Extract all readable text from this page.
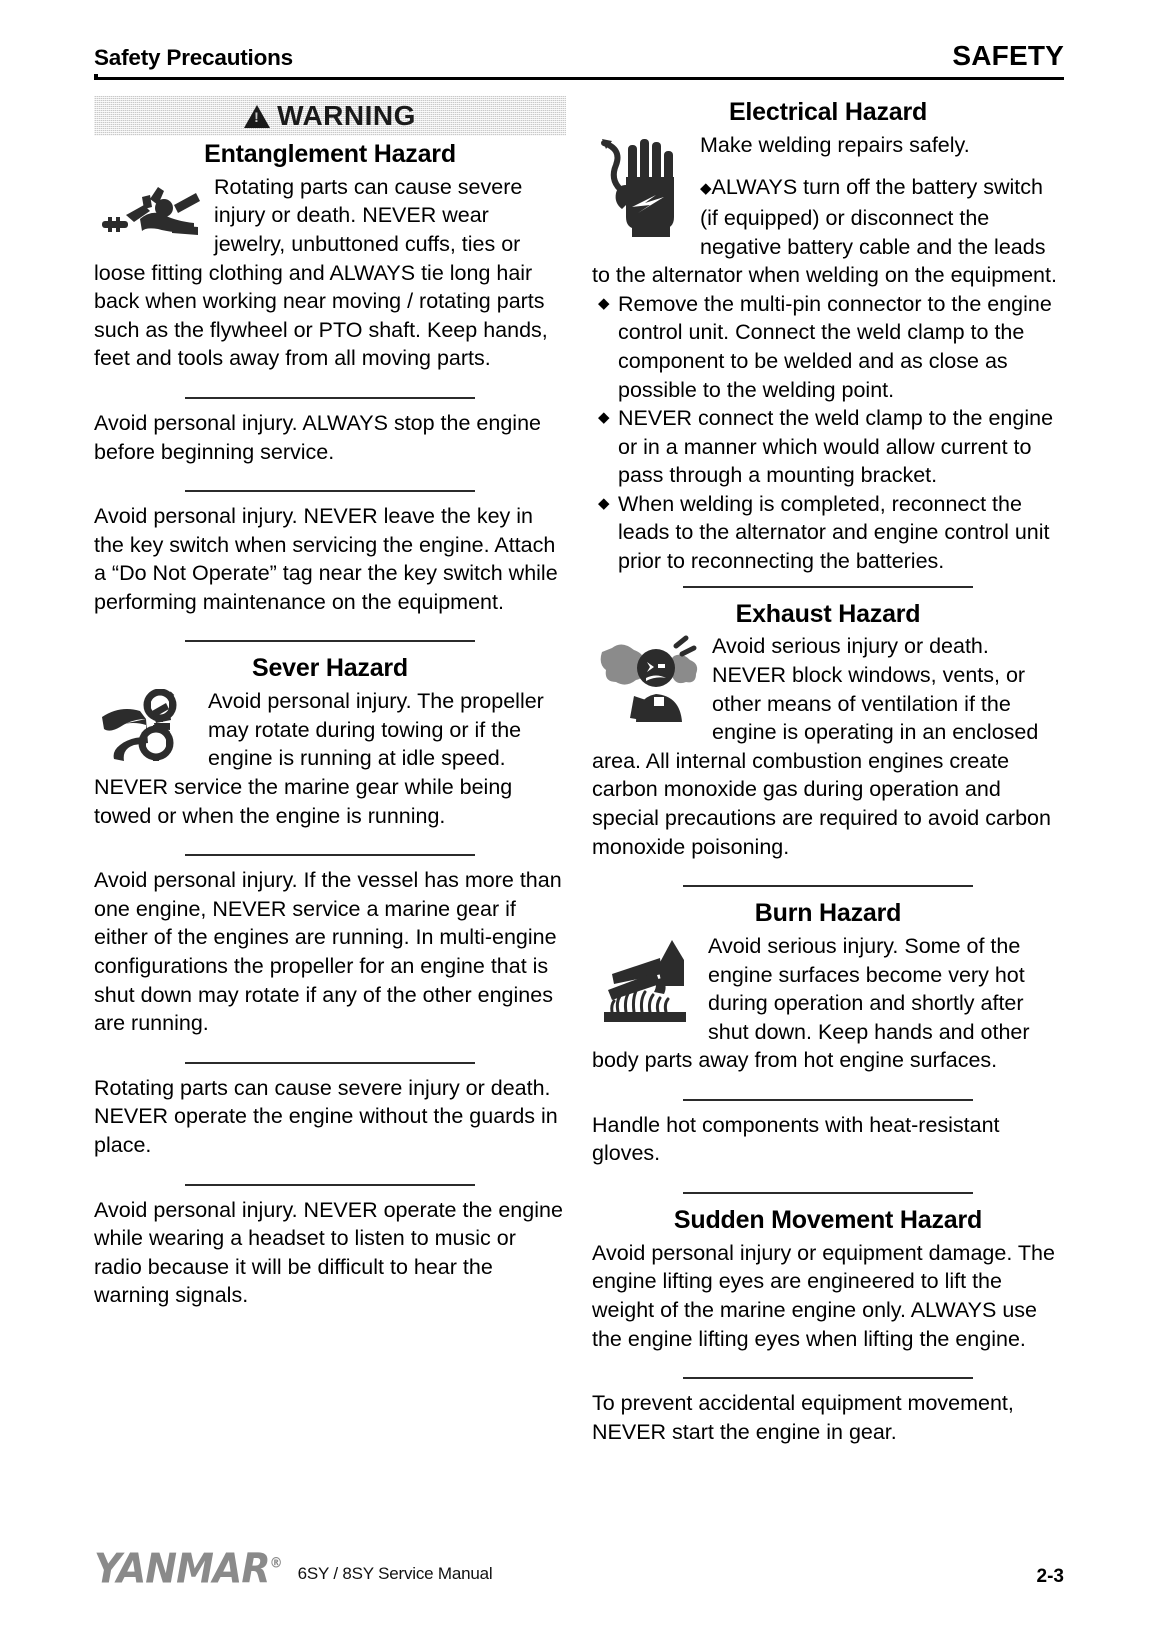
Safety Precautions	SAFETY
!
WARNING
Entanglement Hazard

Rotating parts can cause severe injury or death. NEVER wear jewelry, unbuttoned cuffs, ties or loose fitting clothing and ALWAYS tie long hair back when working near moving / rotating parts such as the flywheel or PTO shaft. Keep hands, feet and tools away from all moving parts.

Avoid personal injury. ALWAYS stop the engine before beginning service.

Avoid personal injury. NEVER leave the key in the key switch when servicing the engine. Attach a “Do Not Operate” tag near the key switch while performing maintenance on the equipment.

Sever Hazard

Avoid personal injury. The propeller may rotate during towing or if the engine is running at idle speed. NEVER service the marine gear while being towed or when the engine is running.

Avoid personal injury. If the vessel has more than one engine, NEVER service a marine gear if either of the engines are running. In multi-engine configurations the propeller for an engine that is shut down may rotate if any of the other engines are running.

Rotating parts can cause severe injury or death. NEVER operate the engine without the guards in place.

Avoid personal injury. NEVER operate the engine while wearing a headset to listen to music or radio because it will be difficult to hear the warning signals.

Electrical Hazard

Make welding repairs safely.

◆ALWAYS turn off the battery switch (if equipped) or disconnect the negative battery cable and the leads to the alternator when welding on the equipment.

◆ Remove the multi-pin connector to the engine control unit. Connect the weld clamp to the component to be welded and as close as possible to the welding point.
◆ NEVER connect the weld clamp to the engine or in a manner which would allow current to pass through a mounting bracket.
◆ When welding is completed, reconnect the leads to the alternator and engine control unit prior to reconnecting the batteries.
Exhaust Hazard

Avoid serious injury or death. NEVER block windows, vents, or other means of ventilation if the engine is operating in an enclosed area. All internal combustion engines create carbon monoxide gas during operation and special precautions are required to avoid carbon monoxide poisoning.

Burn Hazard

Avoid serious injury. Some of the engine surfaces become very hot during operation and shortly after shut down. Keep hands and other body parts away from hot engine surfaces.

Handle hot components with heat-resistant gloves.

Sudden Movement Hazard

Avoid personal injury or equipment damage. The engine lifting eyes are engineered to lift the weight of the marine engine only. ALWAYS use the engine lifting eyes when lifting the engine.

To prevent accidental equipment movement, NEVER start the engine in gear.

YANMAR®
6SY / 8SY Service Manual	2-3
